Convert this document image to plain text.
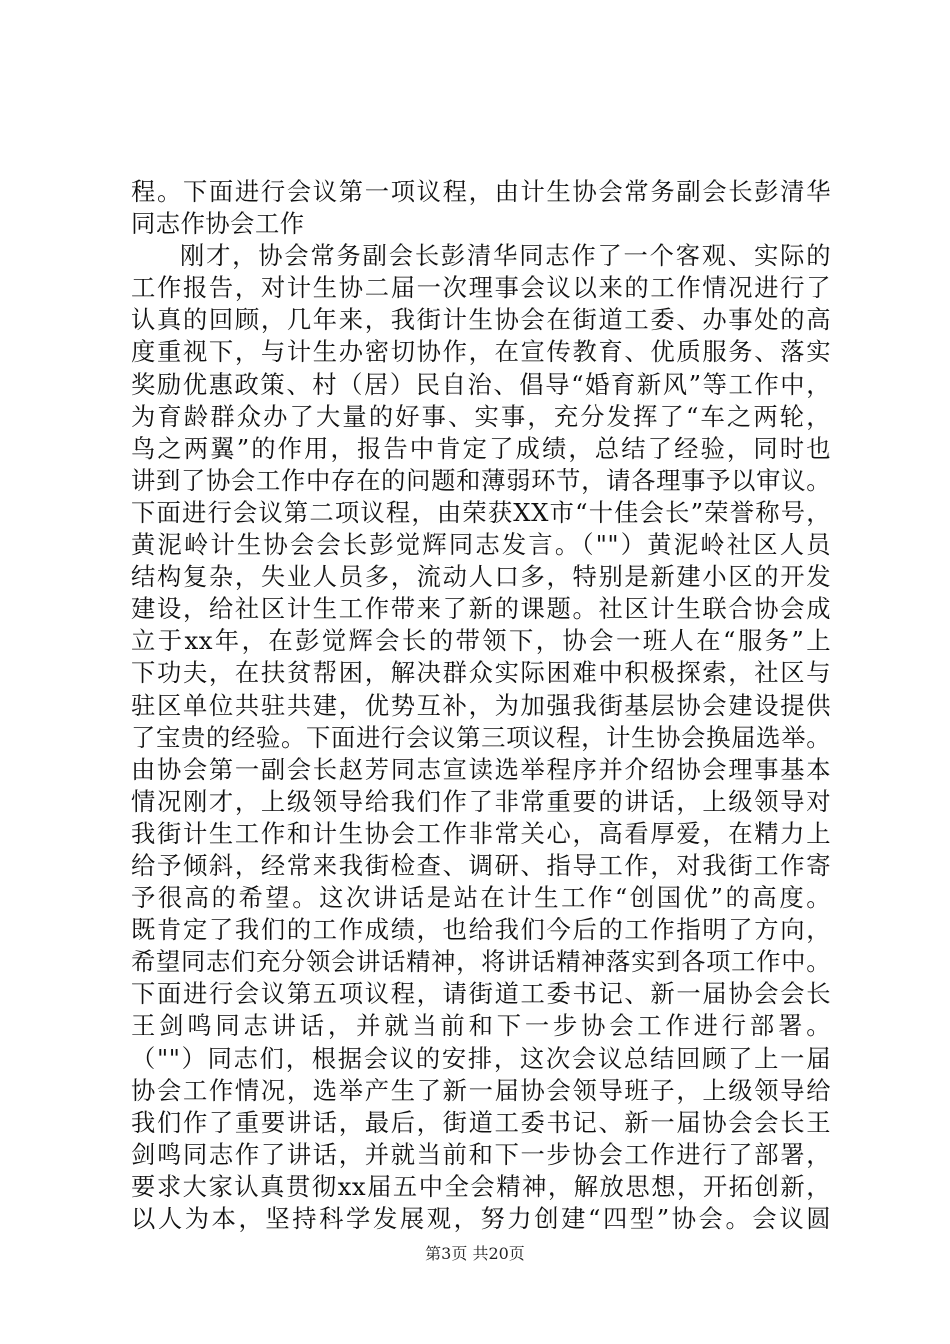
程。下面进行会议第一项议程，由计生协会常务副会长彭清华
同志作协会工作
刚才，协会常务副会长彭清华同志作了一个客观、实际的
工作报告，对计生协二届一次理事会议以来的工作情况进行了
认真的回顾，几年来，我街计生协会在街道工委、办事处的高
度重视下，与计生办密切协作，在宣传教育、优质服务、落实
奖励优惠政策、村（居）民自治、倡导“婚育新风”等工作中，
为育龄群众办了大量的好事、实事，充分发挥了“车之两轮，
鸟之两翼”的作用，报告中肯定了成绩，总结了经验，同时也
讲到了协会工作中存在的问题和薄弱环节，请各理事予以审议。
下面进行会议第二项议程，由荣获XX市“十佳会长”荣誉称号，
黄泥岭计生协会会长彭觉辉同志发言。（""）黄泥岭社区人员
结构复杂，失业人员多，流动人口多，特别是新建小区的开发
建设，给社区计生工作带来了新的课题。社区计生联合协会成
立于xx年，在彭觉辉会长的带领下，协会一班人在“服务”上
下功夫，在扶贫帮困，解决群众实际困难中积极探索，社区与
驻区单位共驻共建，优势互补，为加强我街基层协会建设提供
了宝贵的经验。下面进行会议第三项议程，计生协会换届选举。
由协会第一副会长赵芳同志宣读选举程序并介绍协会理事基本
情况刚才，上级领导给我们作了非常重要的讲话，上级领导对
我街计生工作和计生协会工作非常关心，高看厚爱，在精力上
给予倾斜，经常来我街检查、调研、指导工作，对我街工作寄
予很高的希望。这次讲话是站在计生工作“创国优”的高度。
既肯定了我们的工作成绩，也给我们今后的工作指明了方向，
希望同志们充分领会讲话精神，将讲话精神落实到各项工作中。
下面进行会议第五项议程，请街道工委书记、新一届协会会长
王剑鸣同志讲话，并就当前和下一步协会工作进行部署。
（""）同志们，根据会议的安排，这次会议总结回顾了上一届
协会工作情况，选举产生了新一届协会领导班子，上级领导给
我们作了重要讲话，最后，街道工委书记、新一届协会会长王
剑鸣同志作了讲话，并就当前和下一步协会工作进行了部署，
要求大家认真贯彻xx届五中全会精神，解放思想，开拓创新，
以人为本，坚持科学发展观，努力创建“四型”协会。会议圆
第3页 共20页
